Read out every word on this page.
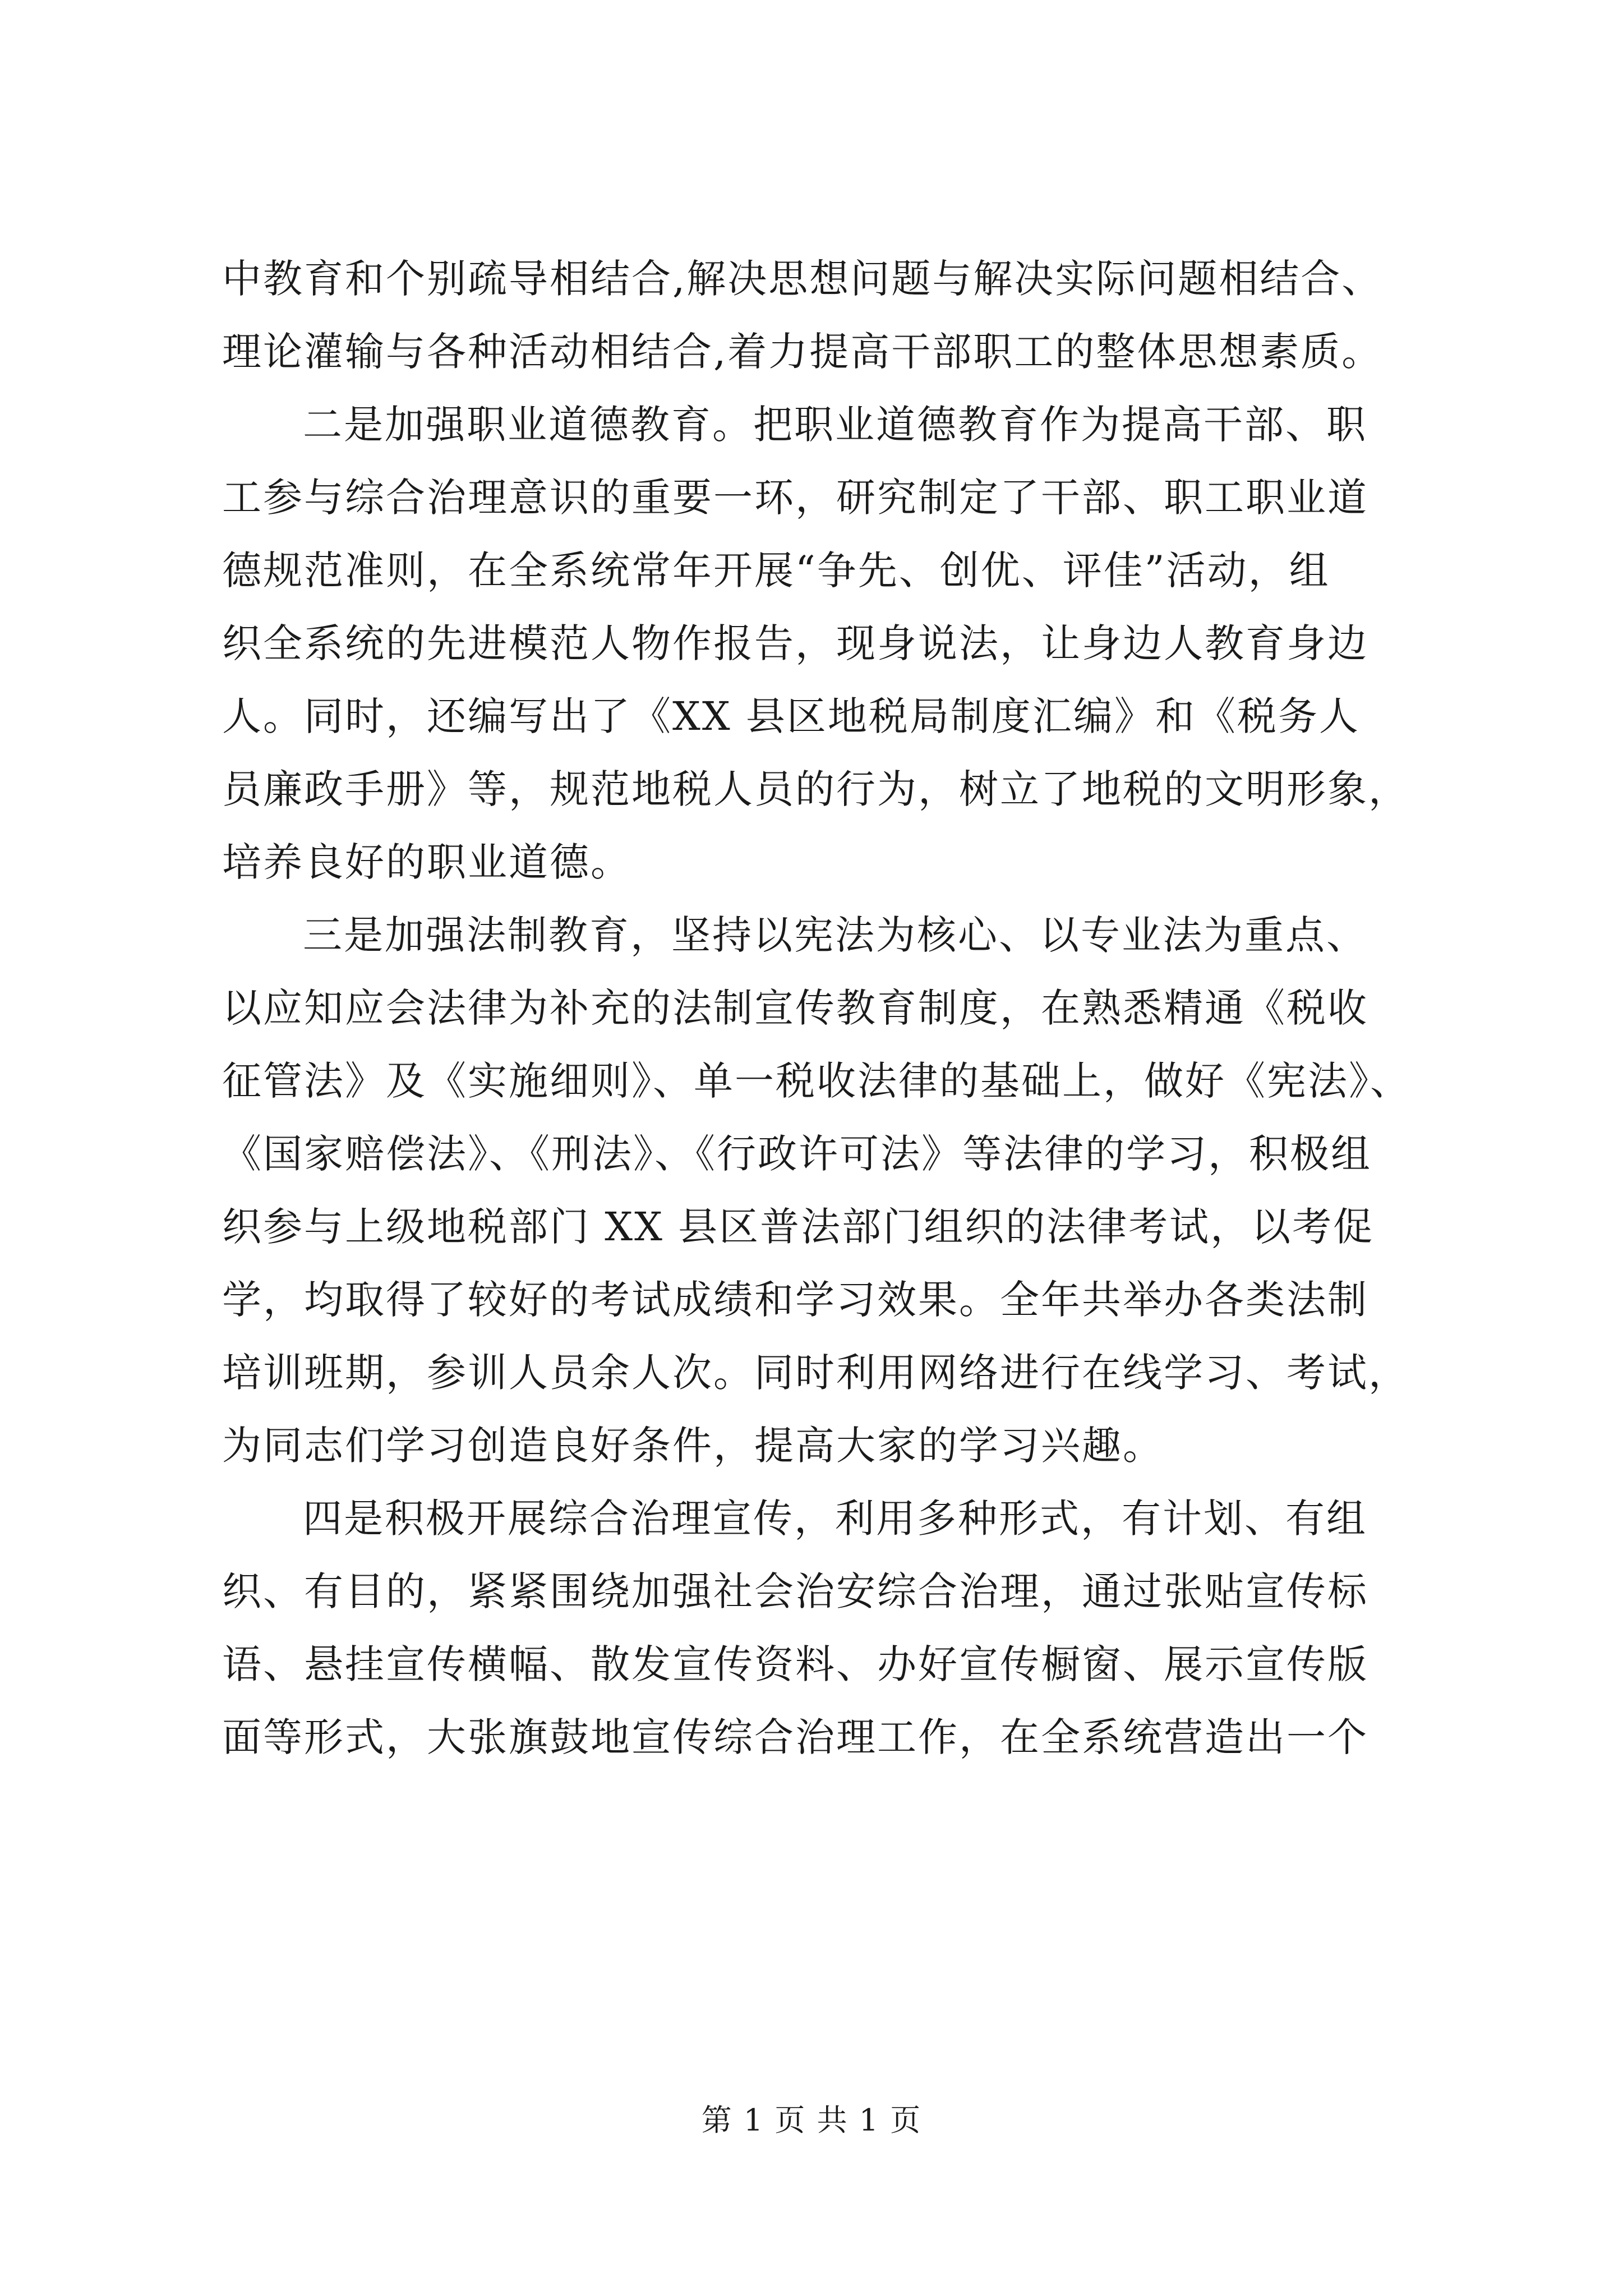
中教育和个别疏导相结合,解决思想问题与解决实际问题相结合、
理论灌输与各种活动相结合,着力提高干部职工的整体思想素质。
二是加强职业道德教育。把职业道德教育作为提高干部、职
工参与综合治理意识的重要一环，研究制定了干部、职工职业道
德规范准则，在全系统常年开展“争先、创优、评佳”活动，组
织全系统的先进模范人物作报告，现身说法，让身边人教育身边
人。同时，还编写出了《XX 县区地税局制度汇编》和《税务人
员廉政手册》等，规范地税人员的行为，树立了地税的文明形象，
培养良好的职业道德。
三是加强法制教育，坚持以宪法为核心、以专业法为重点、
以应知应会法律为补充的法制宣传教育制度，在熟悉精通《税收
征管法》及《实施细则》、单一税收法律的基础上，做好《宪法》、
《国家赔偿法》、《刑法》、《行政许可法》等法律的学习，积极组
织参与上级地税部门 XX 县区普法部门组织的法律考试，以考促
学，均取得了较好的考试成绩和学习效果。全年共举办各类法制
培训班期，参训人员余人次。同时利用网络进行在线学习、考试，
为同志们学习创造良好条件，提高大家的学习兴趣。
四是积极开展综合治理宣传，利用多种形式，有计划、有组
织、有目的，紧紧围绕加强社会治安综合治理，通过张贴宣传标
语、悬挂宣传横幅、散发宣传资料、办好宣传橱窗、展示宣传版
面等形式，大张旗鼓地宣传综合治理工作，在全系统营造出一个
第 1 页 共 1 页
